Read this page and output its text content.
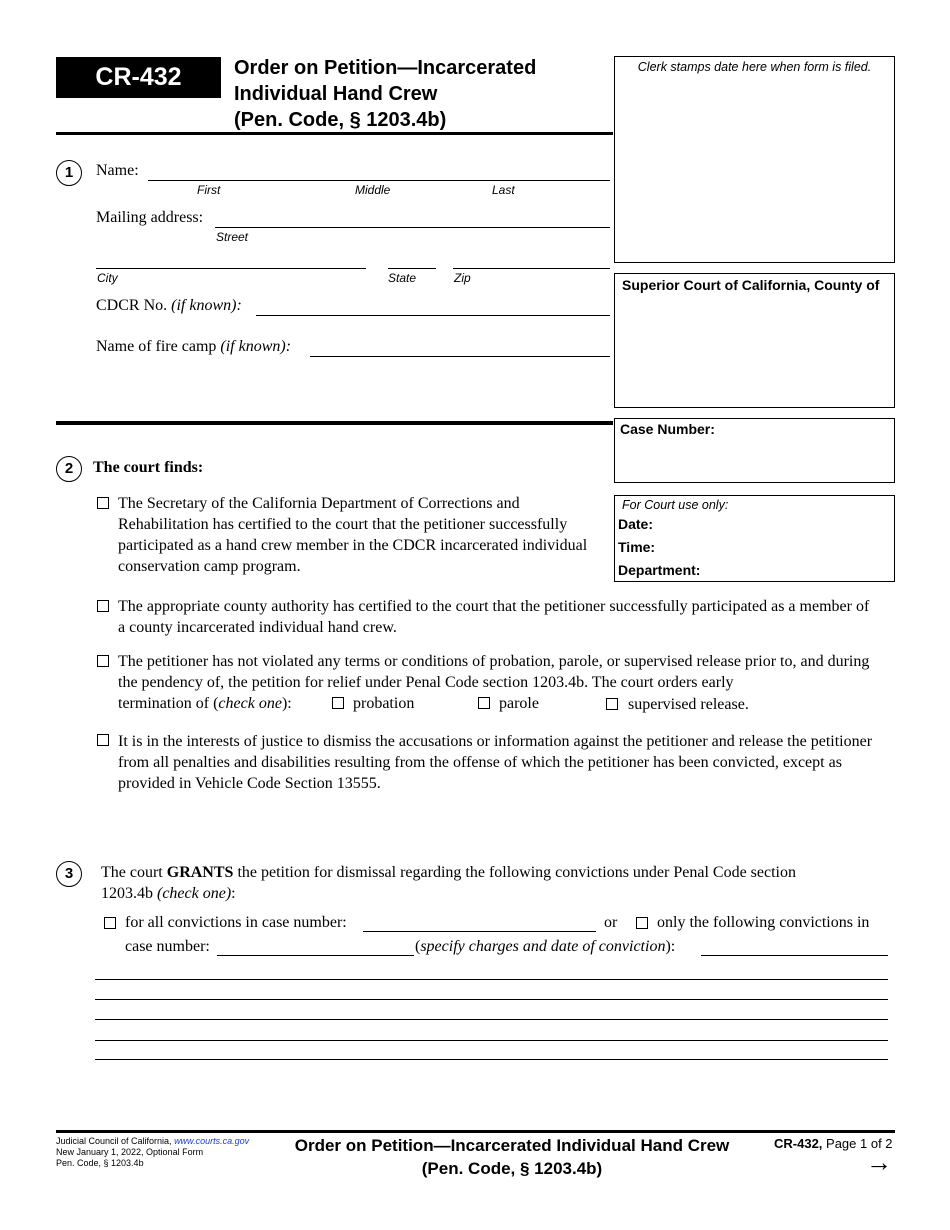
CR-432	Order on Petition—Incarcerated
Individual Hand Crew
(Pen. Code, § 1203.4b)
Clerk stamps date here when form is filed.
Superior Court of California, County of
Case Number:
For Court use only:
Date:
Time:
Department:
1	Name:
First	Middle	Last
Mailing address:
Street
City	State	Zip
CDCR No. (if known):
Name of fire camp (if known):
2	The court finds:
The Secretary of the California Department of Corrections and Rehabilitation has certified to the court that the petitioner successfully participated as a hand crew member in the CDCR incarcerated individual conservation camp program.
The appropriate county authority has certified to the court that the petitioner successfully participated as a member of a county incarcerated individual hand crew.
The petitioner has not violated any terms or conditions of probation, parole, or supervised release prior to, and during the pendency of, the petition for relief under Penal Code section 1203.4b. The court orders early
termination of (check one):	probation	parole	supervised release.
It is in the interests of justice to dismiss the accusations or information against the petitioner and release the petitioner from all penalties and disabilities resulting from the offense of which the petitioner has been convicted, except as provided in Vehicle Code Section 13555.
3	The court GRANTS the petition for dismissal regarding the following convictions under Penal Code section
1203.4b (check one):
for all convictions in case number:	or only the following convictions in
case number:	(specify charges and date of conviction):
Judicial Council of California, www.courts.ca.gov
New January 1, 2022, Optional Form
Pen. Code, § 1203.4b
Order on Petition—Incarcerated Individual Hand Crew
(Pen. Code, § 1203.4b)
CR-432, Page 1 of 2
→
